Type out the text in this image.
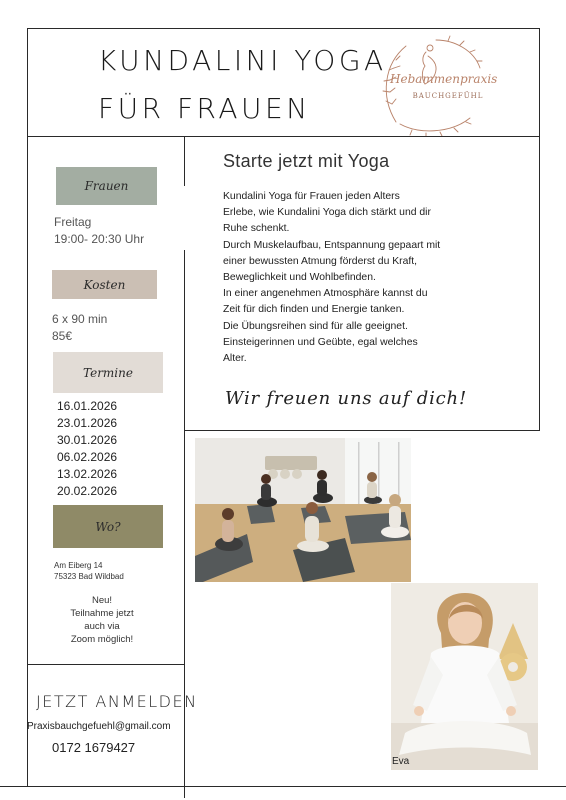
KUNDALINI YOGA
FÜR FRAUEN
Hebammenpraxis
BAUCHGEFÜHL
Frauen
Freitag
19:00- 20:30 Uhr
Kosten
6 x 90 min
85€
Termine
16.01.2026
23.01.2026
30.01.2026
06.02.2026
13.02.2026
20.02.2026
Wo?
Am Eiberg 14
75323 Bad Wildbad
Neu!
Teilnahme jetzt
auch via
Zoom möglich!
JETZT ANMELDEN
Praxisbauchgefuehl@gmail.com
0172 1679427
Starte jetzt mit Yoga
Kundalini Yoga für Frauen jeden Alters
Erlebe, wie Kundalini Yoga dich stärkt und dir
Ruhe schenkt.
Durch Muskelaufbau, Entspannung gepaart mit
einer bewussten Atmung förderst du Kraft,
Beweglichkeit und Wohlbefinden.
In einer angenehmen Atmosphäre kannst du
Zeit für dich finden und Energie tanken.
Die Übungsreihen sind für alle geeignet.
Einsteigerinnen und Geübte, egal welches
Alter.
Wir freuen uns auf dich!
Eva
